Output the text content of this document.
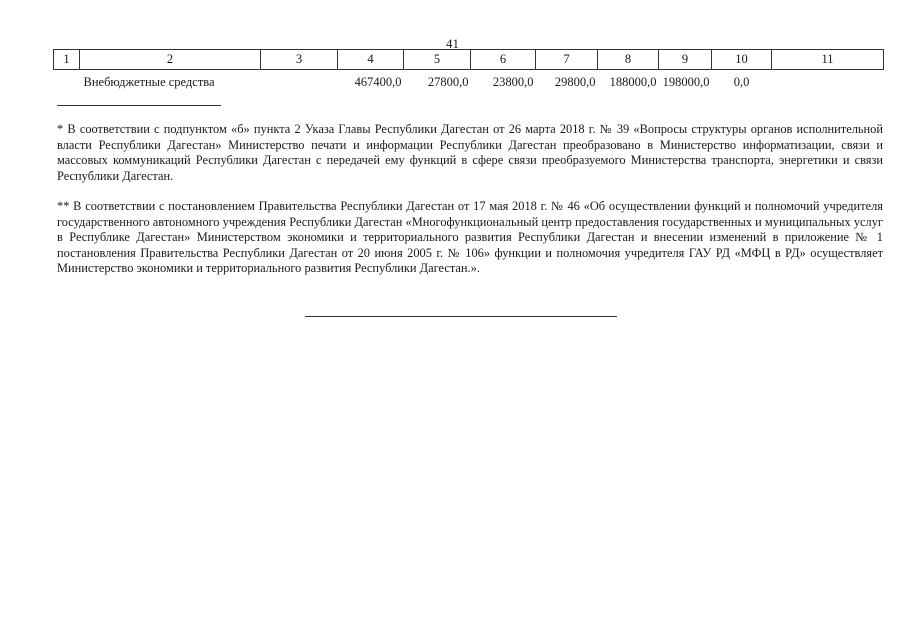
41
1	2	3	4	5	6	7	8	9	10	11
Внебюджетные средства			467400,0	27800,0	23800,0	29800,0	188000,0	198000,0	0,0	

* В соответствии с подпунктом «б» пункта 2 Указа Главы Республики Дагестан от 26 марта 2018 г. № 39 «Вопросы структуры органов исполнительной власти Республики Дагестан» Министерство печати и информации Республики Дагестан преобразовано в Министерство информатизации, связи и массовых коммуникаций Республики Дагестан с передачей ему функций в сфере связи преобразуемого Министерства транспорта, энергетики и связи Республики Дагестан.

** В соответствии с постановлением Правительства Республики Дагестан от 17 мая 2018 г. № 46 «Об осуществлении функций и полномочий учредителя государственного автономного учреждения Республики Дагестан «Многофункциональный центр предоставления государственных и муниципальных услуг в Республике Дагестан» Министерством экономики и территориального развития Республики Дагестан и внесении изменений в приложение № 1 постановления Правительства Республики Дагестан от 20 июня 2005 г. № 106» функции и полномочия учредителя ГАУ РД «МФЦ в РД» осуществляет Министерство экономики и территориального развития Республики Дагестан.».
